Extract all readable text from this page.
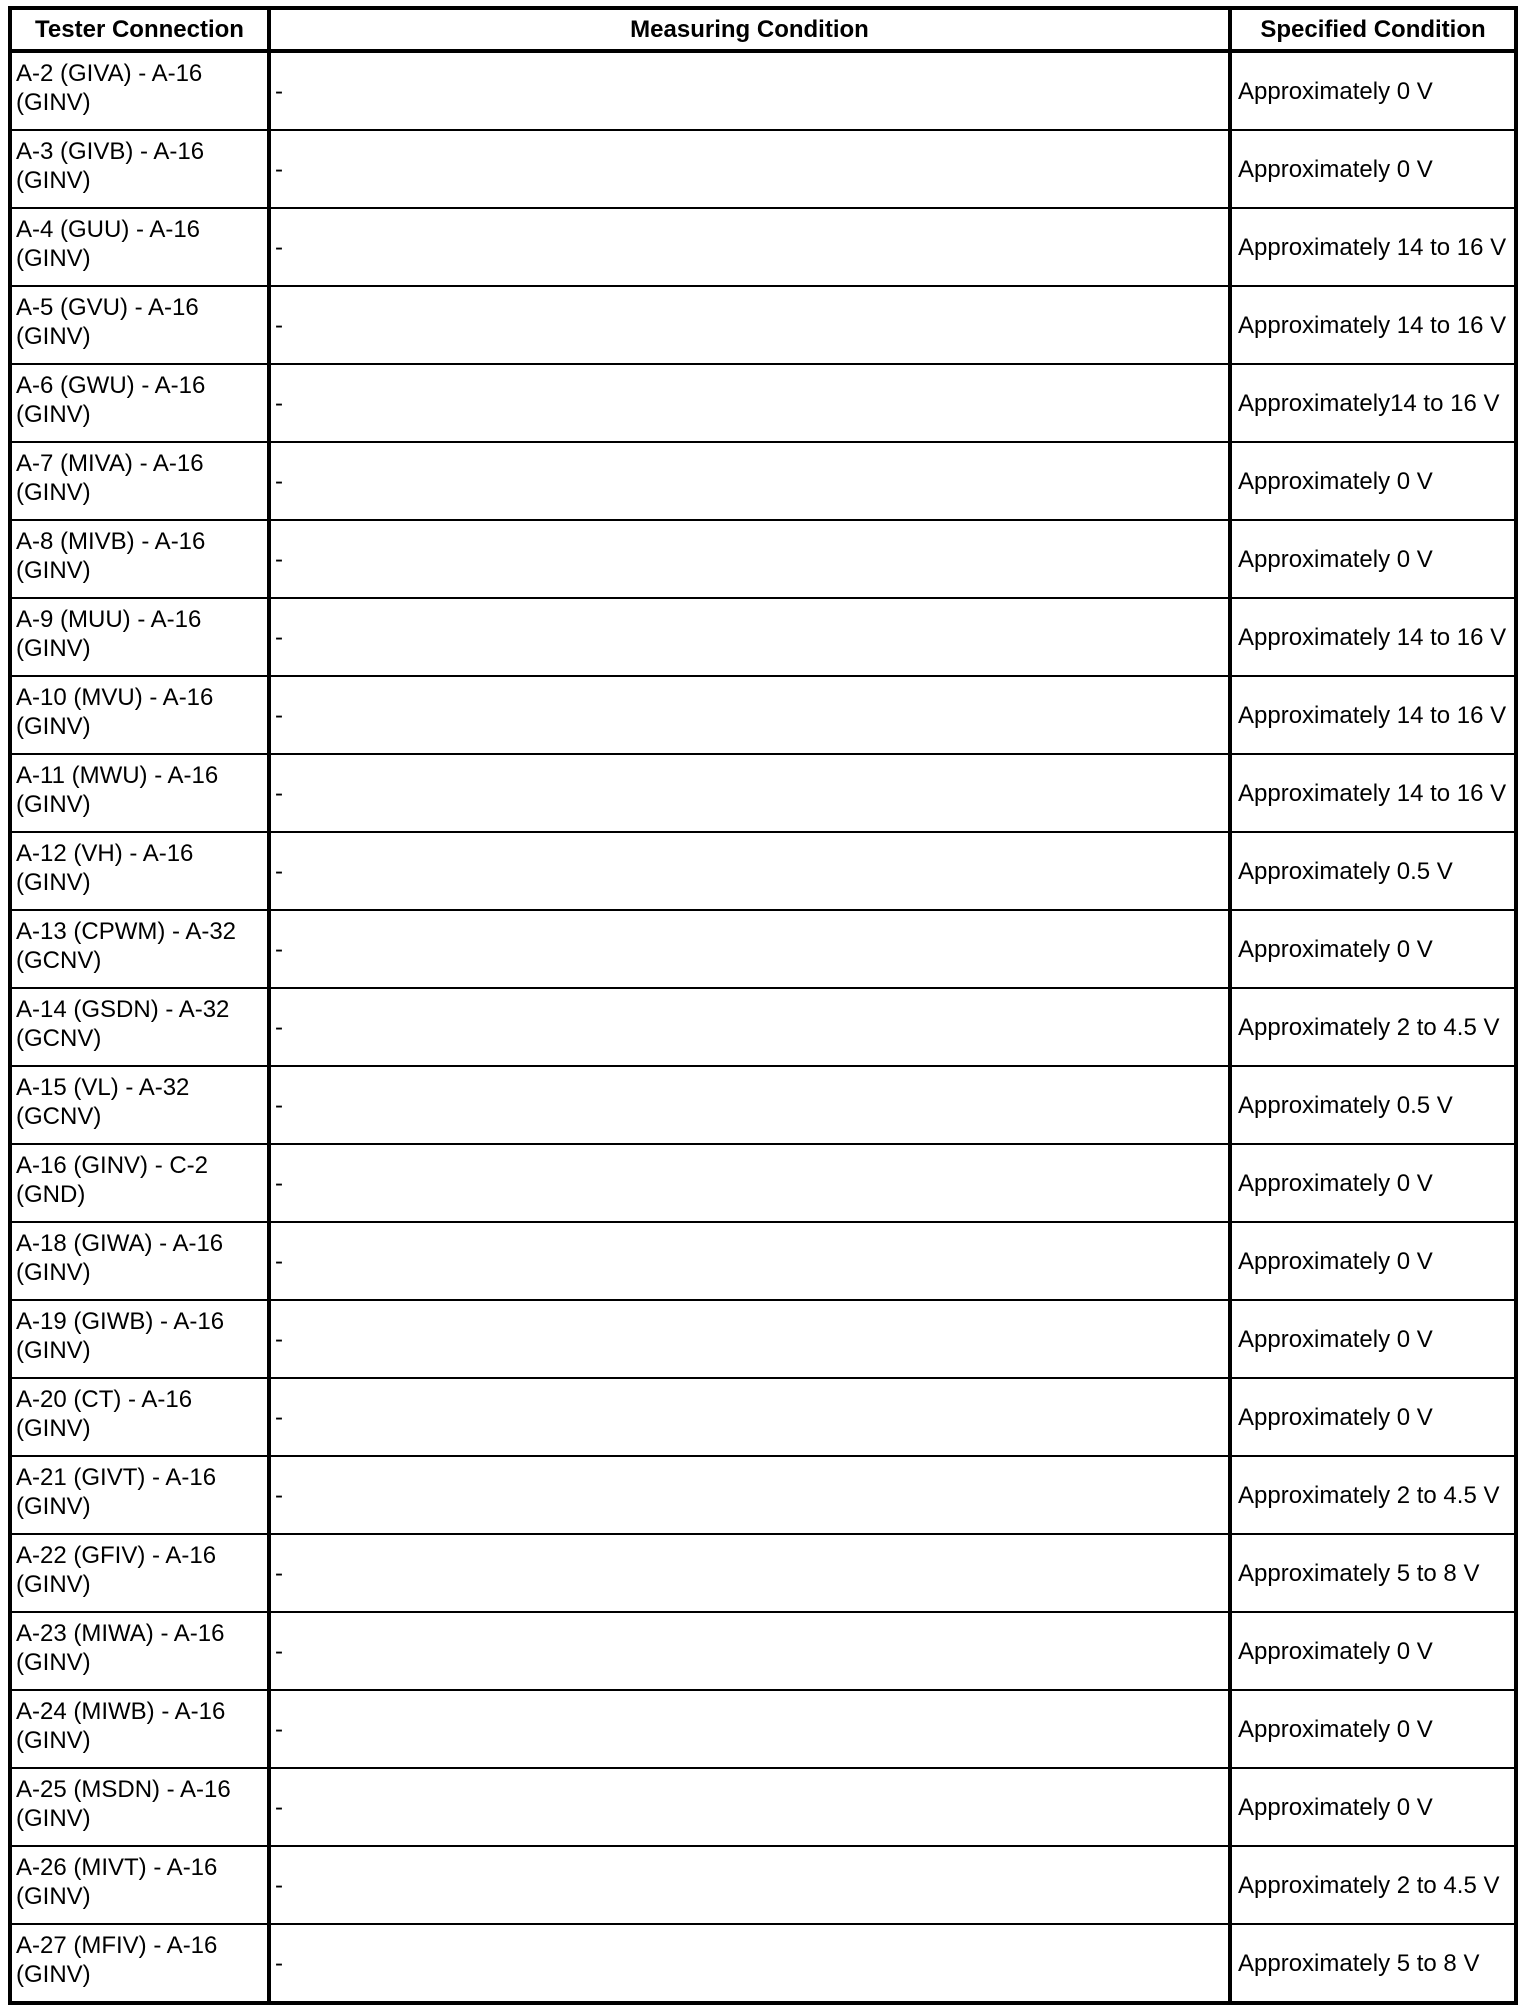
Tester Connection	Measuring Condition	Specified Condition
A-2 (GIVA) - A-16 (GINV)	-	Approximately 0 V
A-3 (GIVB) - A-16 (GINV)	-	Approximately 0 V
A-4 (GUU) - A-16 (GINV)	-	Approximately 14 to 16 V
A-5 (GVU) - A-16 (GINV)	-	Approximately 14 to 16 V
A-6 (GWU) - A-16 (GINV)	-	Approximately14 to 16 V
A-7 (MIVA) - A-16 (GINV)	-	Approximately 0 V
A-8 (MIVB) - A-16 (GINV)	-	Approximately 0 V
A-9 (MUU) - A-16 (GINV)	-	Approximately 14 to 16 V
A-10 (MVU) - A-16 (GINV)	-	Approximately 14 to 16 V
A-11 (MWU) - A-16 (GINV)	-	Approximately 14 to 16 V
A-12 (VH) - A-16 (GINV)	-	Approximately 0.5 V
A-13 (CPWM) - A-32 (GCNV)	-	Approximately 0 V
A-14 (GSDN) - A-32 (GCNV)	-	Approximately 2 to 4.5 V
A-15 (VL) - A-32 (GCNV)	-	Approximately 0.5 V
A-16 (GINV) - C-2 (GND)	-	Approximately 0 V
A-18 (GIWA) - A-16 (GINV)	-	Approximately 0 V
A-19 (GIWB) - A-16 (GINV)	-	Approximately 0 V
A-20 (CT) - A-16 (GINV)	-	Approximately 0 V
A-21 (GIVT) - A-16 (GINV)	-	Approximately 2 to 4.5 V
A-22 (GFIV) - A-16 (GINV)	-	Approximately 5 to 8 V
A-23 (MIWA) - A-16 (GINV)	-	Approximately 0 V
A-24 (MIWB) - A-16 (GINV)	-	Approximately 0 V
A-25 (MSDN) - A-16 (GINV)	-	Approximately 0 V
A-26 (MIVT) - A-16 (GINV)	-	Approximately 2 to 4.5 V
A-27 (MFIV) - A-16 (GINV)	-	Approximately 5 to 8 V
